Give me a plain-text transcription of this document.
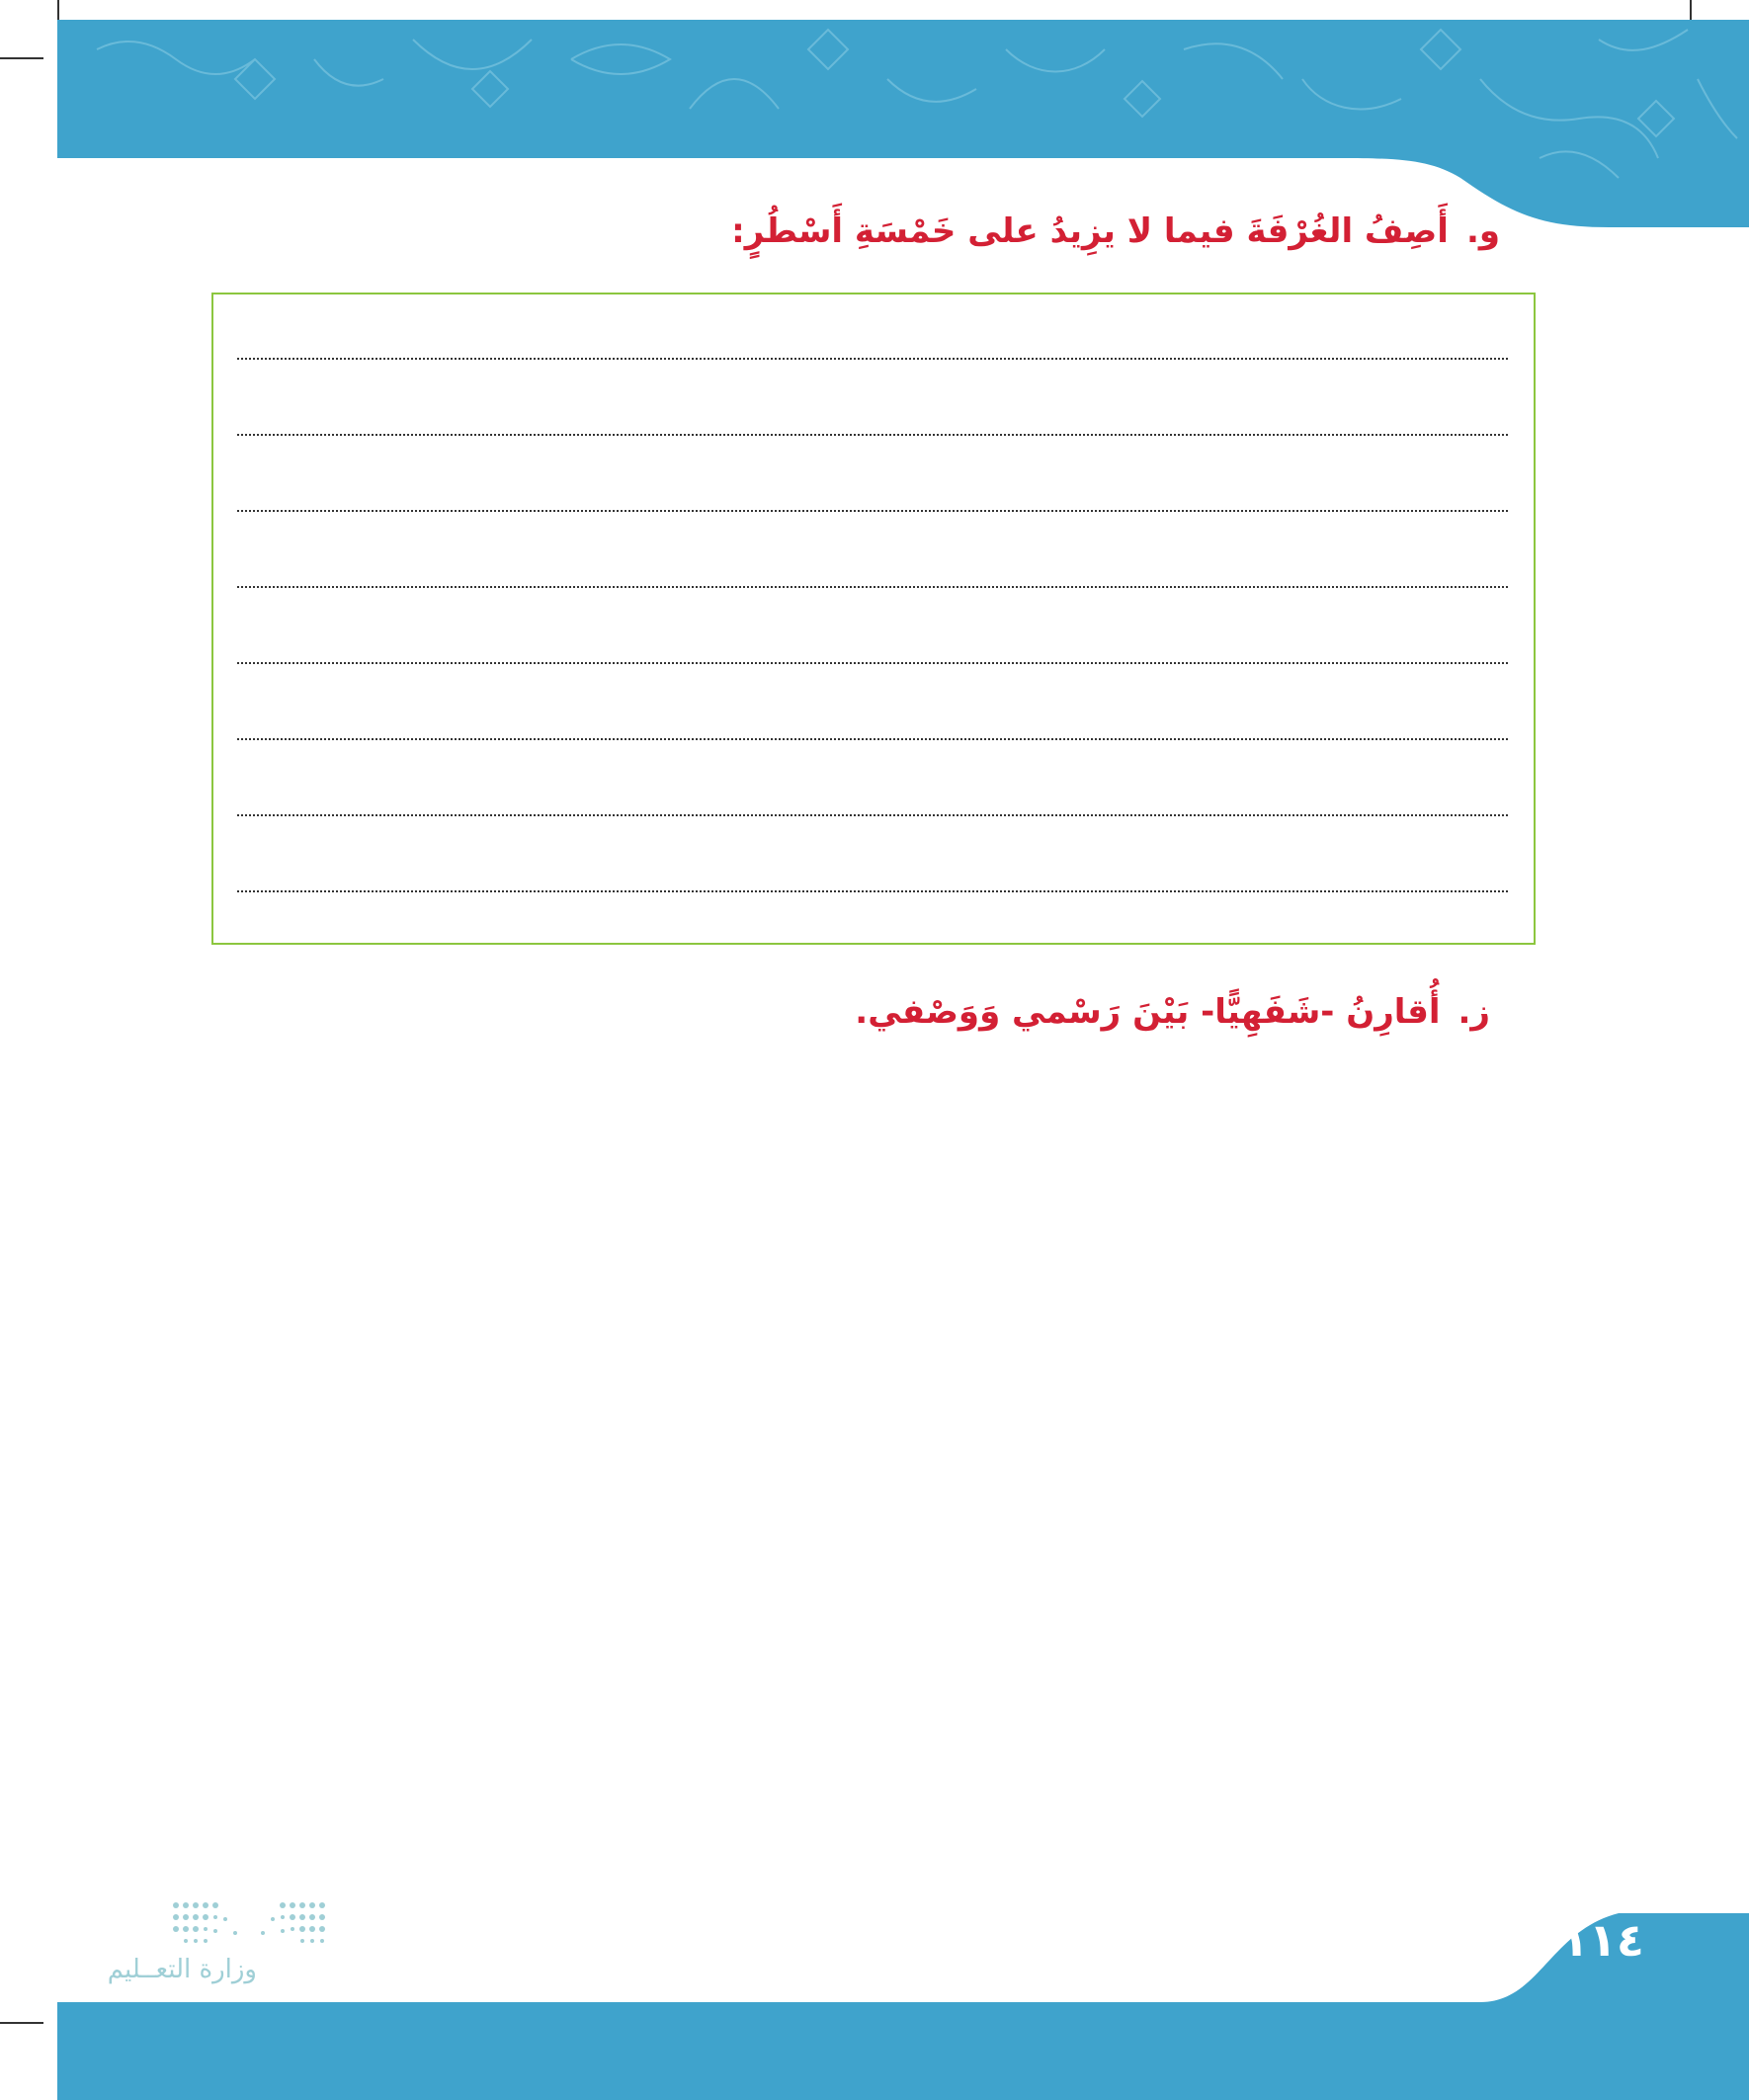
و.أَصِفُ الغُرْفَةَ فيما لا يزِيدُ على خَمْسَةِ أَسْطُرٍ:
ز.أُقارِنُ -شَفَهِيًّا- بَيْنَ رَسْمي وَوَصْفي.
١١٤
وزارة التعــليم
